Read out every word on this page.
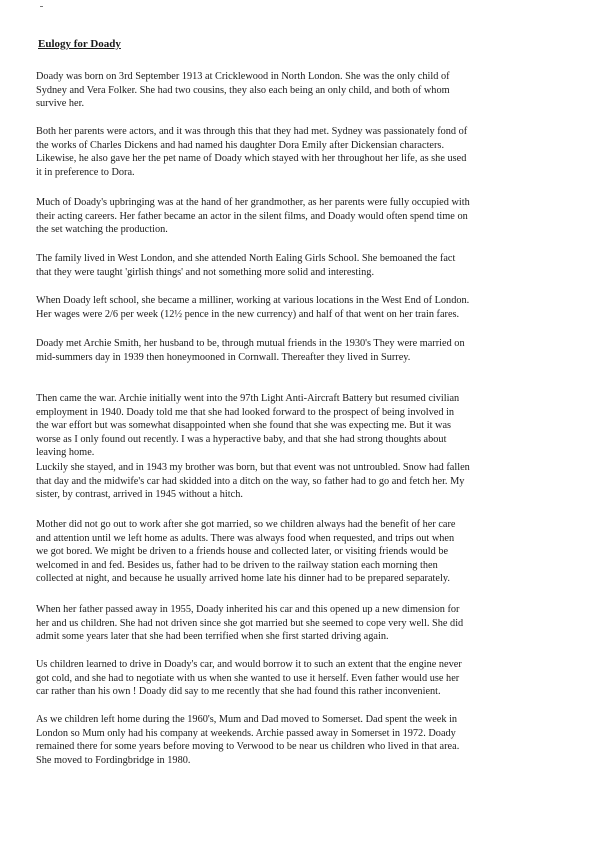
Eulogy for Doady

Doady was born on 3rd September 1913 at Cricklewood in North London. She was the only child of
Sydney and Vera Folker. She had two cousins, they also each being an only child, and both of whom
survive her.

Both her parents were actors, and it was through this that they had met. Sydney was passionately fond of
the works of Charles Dickens and had named his daughter Dora Emily after Dickensian characters.
Likewise, he also gave her the pet name of Doady which stayed with her throughout her life, as she used
it in preference to Dora.

Much of Doady's upbringing was at the hand of her grandmother, as her parents were fully occupied with
their acting careers. Her father became an actor in the silent films, and Doady would often spend time on
the set watching the production.

The family lived in West London, and she attended North Ealing Girls School. She bemoaned the fact
that they were taught 'girlish things' and not something more solid and interesting.

When Doady left school, she became a milliner, working at various locations in the West End of London.
Her wages were 2/6 per week (12½ pence in the new currency) and half of that went on her train fares.

Doady met Archie Smith, her husband to be, through mutual friends in the 1930's They were married on
mid-summers day in 1939 then honeymooned in Cornwall. Thereafter they lived in Surrey.

Then came the war. Archie initially went into the 97th Light Anti-Aircraft Battery but resumed civilian
employment in 1940. Doady told me that she had looked forward to the prospect of being involved in
the war effort but was somewhat disappointed when she found that she was expecting me. But it was
worse as I only found out recently. I was a hyperactive baby, and that she had strong thoughts about
leaving home.

Luckily she stayed, and in 1943 my brother was born, but that event was not untroubled. Snow had fallen
that day and the midwife's car had skidded into a ditch on the way, so father had to go and fetch her. My
sister, by contrast, arrived in 1945 without a hitch.

Mother did not go out to work after she got married, so we children always had the benefit of her care
and attention until we left home as adults. There was always food when requested, and trips out when
we got bored. We might be driven to a friends house and collected later, or visiting friends would be
welcomed in and fed. Besides us, father had to be driven to the railway station each morning then
collected at night, and because he usually arrived home late his dinner had to be prepared separately.

When her father passed away in 1955, Doady inherited his car and this opened up a new dimension for
her and us children. She had not driven since she got married but she seemed to cope very well. She did
admit some years later that she had been terrified when she first started driving again.

Us children learned to drive in Doady's car, and would borrow it to such an extent that the engine never
got cold, and she had to negotiate with us when she wanted to use it herself. Even father would use her
car rather than his own ! Doady did say to me recently that she had found this rather inconvenient.

As we children left home during the 1960's, Mum and Dad moved to Somerset. Dad spent the week in
London so Mum only had his company at weekends. Archie passed away in Somerset in 1972. Doady
remained there for some years before moving to Verwood to be near us children who lived in that area.
She moved to Fordingbridge in 1980.
